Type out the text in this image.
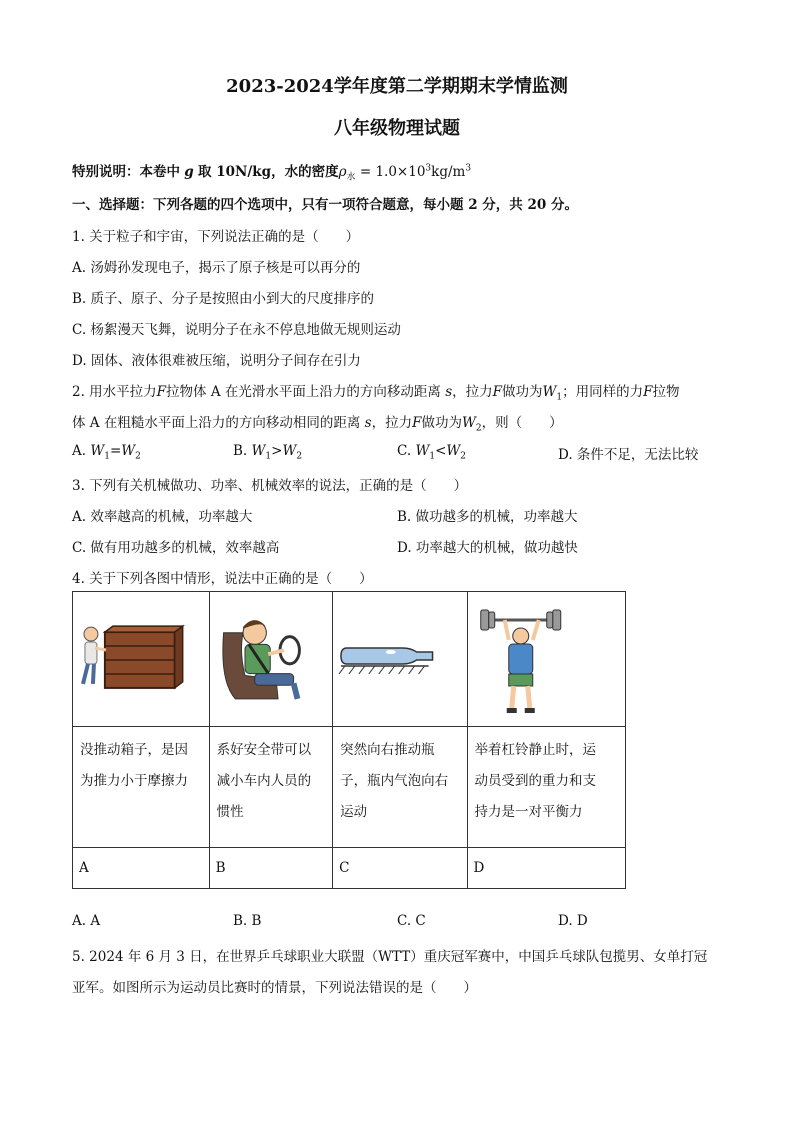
2023-2024学年度第二学期期末学情监测
八年级物理试题
特别说明：本卷中 g 取 10N/kg，水的密度$\rho_水 = 1.0\times 10^3kg/m^3$
一、选择题：下列各题的四个选项中，只有一项符合题意，每小题 2 分，共 20 分。
1. 关于粒子和宇宙，下列说法正确的是（　　）
A. 汤姆孙发现电子，揭示了原子核是可以再分的
B. 质子、原子、分子是按照由小到大的尺度排序的
C. 杨絮漫天飞舞，说明分子在永不停息地做无规则运动
D. 固体、液体很难被压缩，说明分子间存在引力
2. 用水平拉力F拉物体 A 在光滑水平面上沿力的方向移动距离 s，拉力F做功为$W_1$；用同样的力F拉物
体 A 在粗糙水平面上沿力的方向移动相同的距离 s，拉力F做功为$W_2$，则（　　）
A. $W_1=W_2$	B. $W_1>W_2$	C. $W_1<W_2$	D. 条件不足，无法比较
3. 下列有关机械做功、功率、机械效率的说法，正确的是（　　）
A. 效率越高的机械，功率越大	B. 做功越多的机械，功率越大
C. 做有用功越多的机械，效率越高	D. 功率越大的机械，做功越快
4. 关于下列各图中情形，说法中正确的是（　　）

没推动箱子，是因
为推力小于摩擦力	系好安全带可以
减小车内人员的
惯性	突然向右推动瓶
子，瓶内气泡向右
运动	举着杠铃静止时，运
动员受到的重力和支
持力是一对平衡力
A	B	C	D
A. A	B. B	C. C	D. D
5. 2024 年 6 月 3 日，在世界乒乓球职业大联盟（WTT）重庆冠军赛中，中国乒乓球队包揽男、女单打冠
亚军。如图所示为运动员比赛时的情景，下列说法错误的是（　　）
